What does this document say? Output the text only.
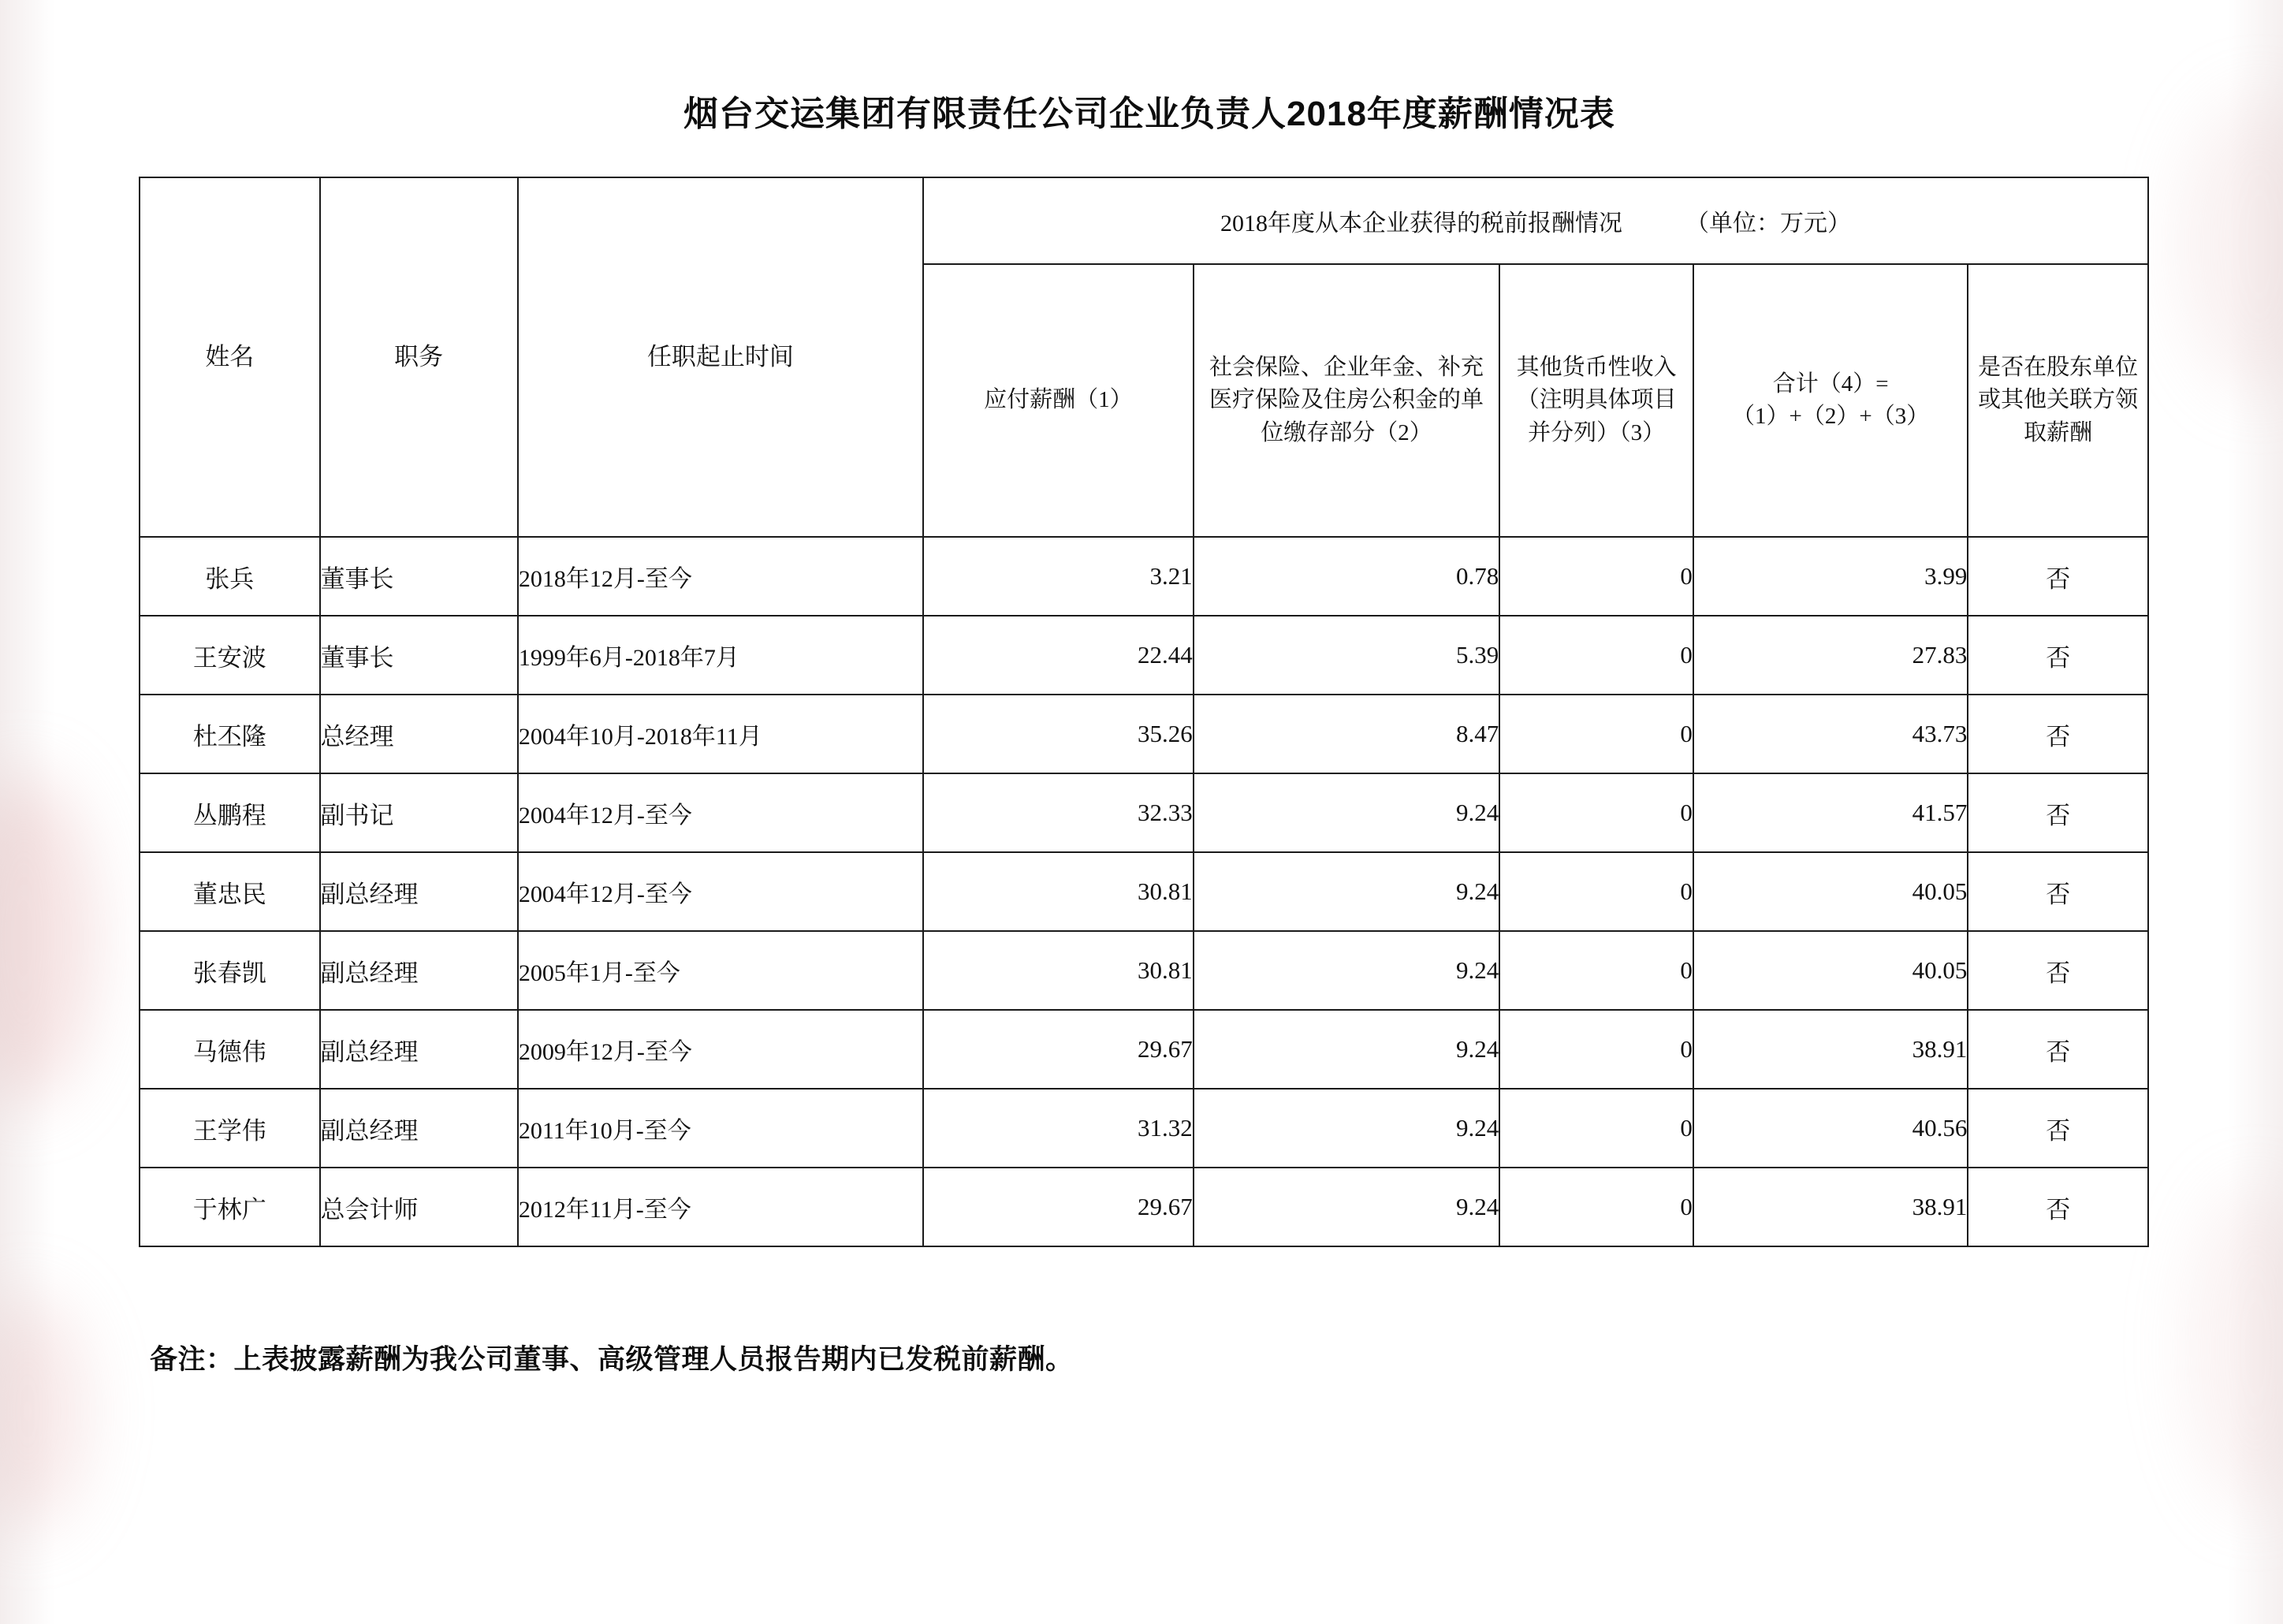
烟台交运集团有限责任公司企业负责人2018年度薪酬情况表
姓名	职务	任职起止时间	2018年度从本企业获得的税前报酬情况 （单位：万元）				

			应付薪酬（1）	社会保险、企业年金、补充医疗保险及住房公积金的单位缴存部分（2）	其他货币性收入（注明具体项目并分列）（3）	合计（4）=（1）+（2）+（3）	是否在股东单位或其他关联方领取薪酬
张兵	董事长	2018年12月-至今	3.21	0.78	0	3.99	否
王安波	董事长	1999年6月-2018年7月	22.44	5.39	0	27.83	否
杜丕隆	总经理	2004年10月-2018年11月	35.26	8.47	0	43.73	否
丛鹏程	副书记	2004年12月-至今	32.33	9.24	0	41.57	否
董忠民	副总经理	2004年12月-至今	30.81	9.24	0	40.05	否
张春凯	副总经理	2005年1月-至今	30.81	9.24	0	40.05	否
马德伟	副总经理	2009年12月-至今	29.67	9.24	0	38.91	否
王学伟	副总经理	2011年10月-至今	31.32	9.24	0	40.56	否
于林广	总会计师	2012年11月-至今	29.67	9.24	0	38.91	否
备注：上表披露薪酬为我公司董事、高级管理人员报告期内已发税前薪酬。
